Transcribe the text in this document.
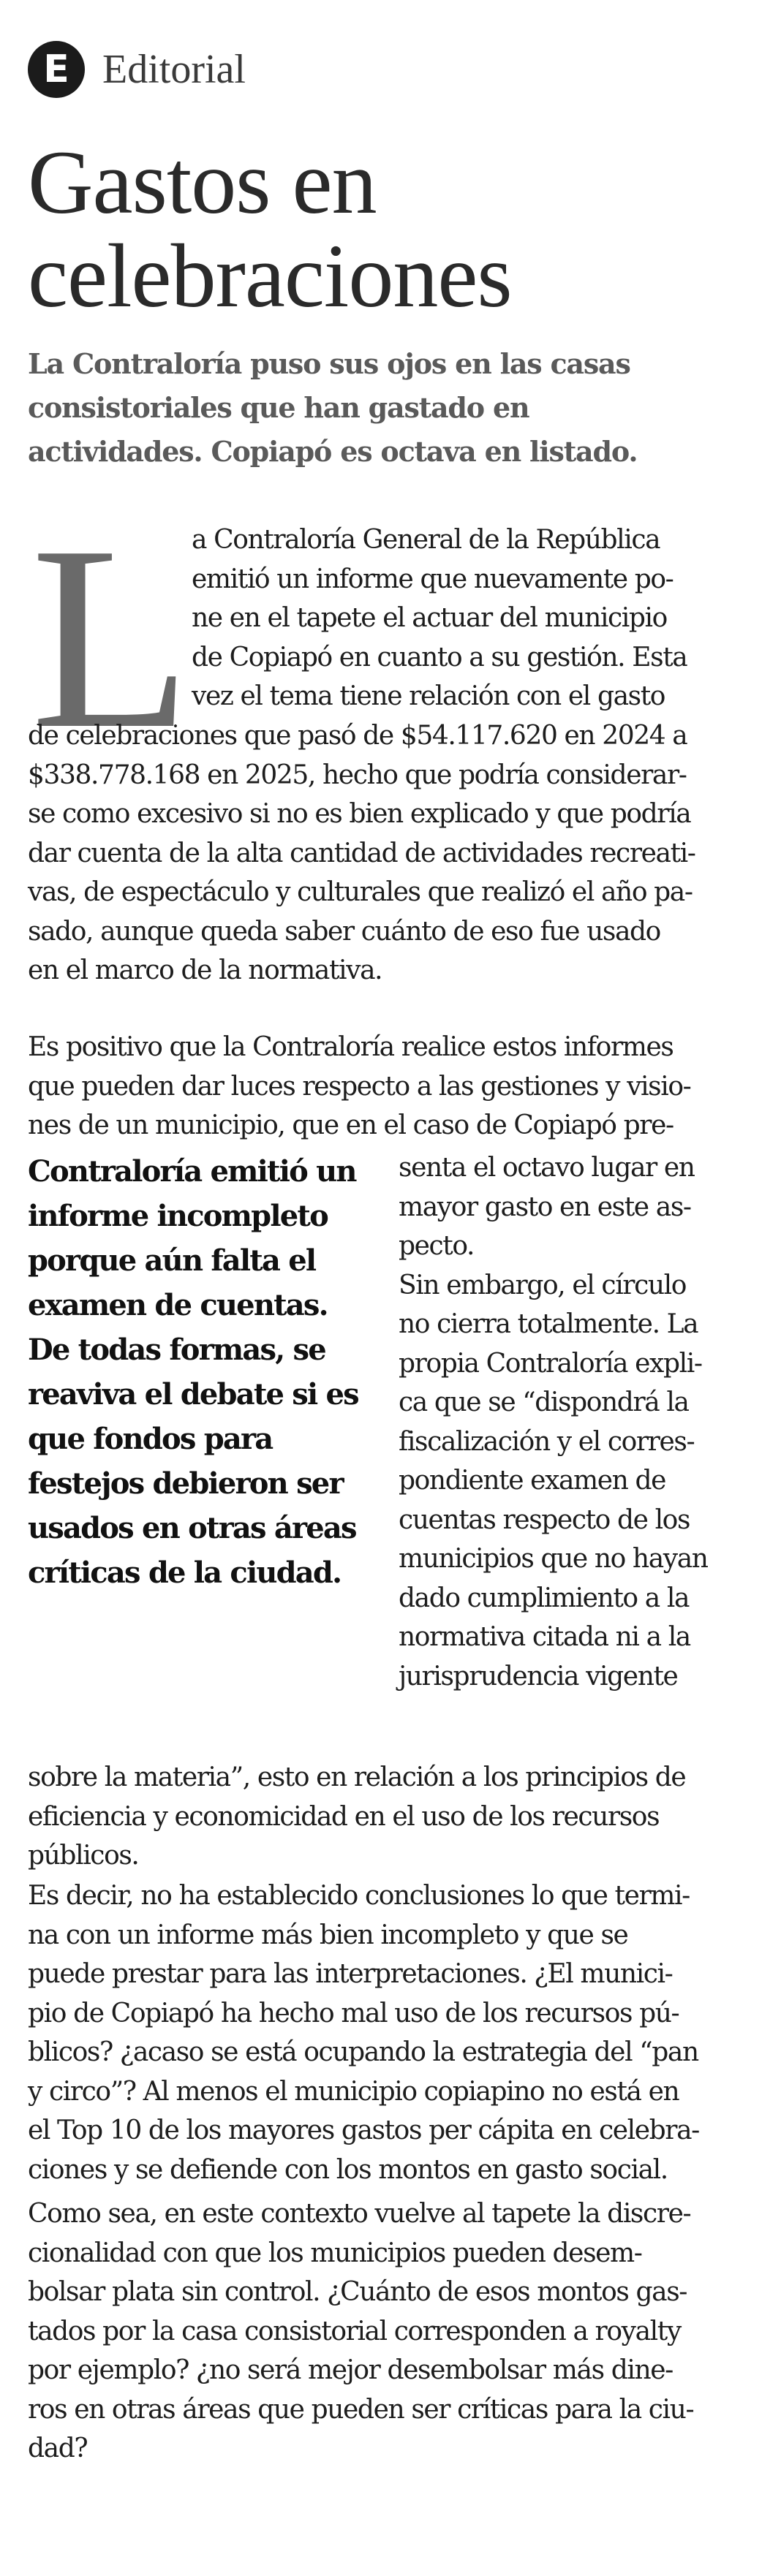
E Editorial
Gastos en
celebraciones

La Contraloría puso sus ojos en las casas
consistoriales que han gastado en
actividades. Copiapó es octava en listado.

L a Contraloría General de la República
emitió un informe que nuevamente po-
ne en el tapete el actuar del municipio
de Copiapó en cuanto a su gestión. Esta
vez el tema tiene relación con el gasto

de celebraciones que pasó de $54.117.620 en 2024 a
$338.778.168 en 2025, hecho que podría considerar-
se como excesivo si no es bien explicado y que podría
dar cuenta de la alta cantidad de actividades recreati-
vas, de espectáculo y culturales que realizó el año pa-
sado, aunque queda saber cuánto de eso fue usado
en el marco de la normativa.

Es positivo que la Contraloría realice estos informes
que pueden dar luces respecto a las gestiones y visio-
nes de un municipio, que en el caso de Copiapó pre-

Contraloría emitió un
informe incompleto
porque aún falta el
examen de cuentas.
De todas formas, se
reaviva el debate si es
que fondos para
festejos debieron ser
usados en otras áreas
críticas de la ciudad.

senta el octavo lugar en
mayor gasto en este as-
pecto.
Sin embargo, el círculo
no cierra totalmente. La
propia Contraloría expli-
ca que se “dispondrá la
fiscalización y el corres-
pondiente examen de
cuentas respecto de los
municipios que no hayan
dado cumplimiento a la
normativa citada ni a la
jurisprudencia vigente

sobre la materia”, esto en relación a los principios de
eficiencia y economicidad en el uso de los recursos
públicos.

Es decir, no ha establecido conclusiones lo que termi-
na con un informe más bien incompleto y que se
puede prestar para las interpretaciones. ¿El munici-
pio de Copiapó ha hecho mal uso de los recursos pú-
blicos? ¿acaso se está ocupando la estrategia del “pan
y circo”? Al menos el municipio copiapino no está en
el Top 10 de los mayores gastos per cápita en celebra-
ciones y se defiende con los montos en gasto social.

Como sea, en este contexto vuelve al tapete la discre-
cionalidad con que los municipios pueden desem-
bolsar plata sin control. ¿Cuánto de esos montos gas-
tados por la casa consistorial corresponden a royalty
por ejemplo? ¿no será mejor desembolsar más dine-
ros en otras áreas que pueden ser críticas para la ciu-
dad?
